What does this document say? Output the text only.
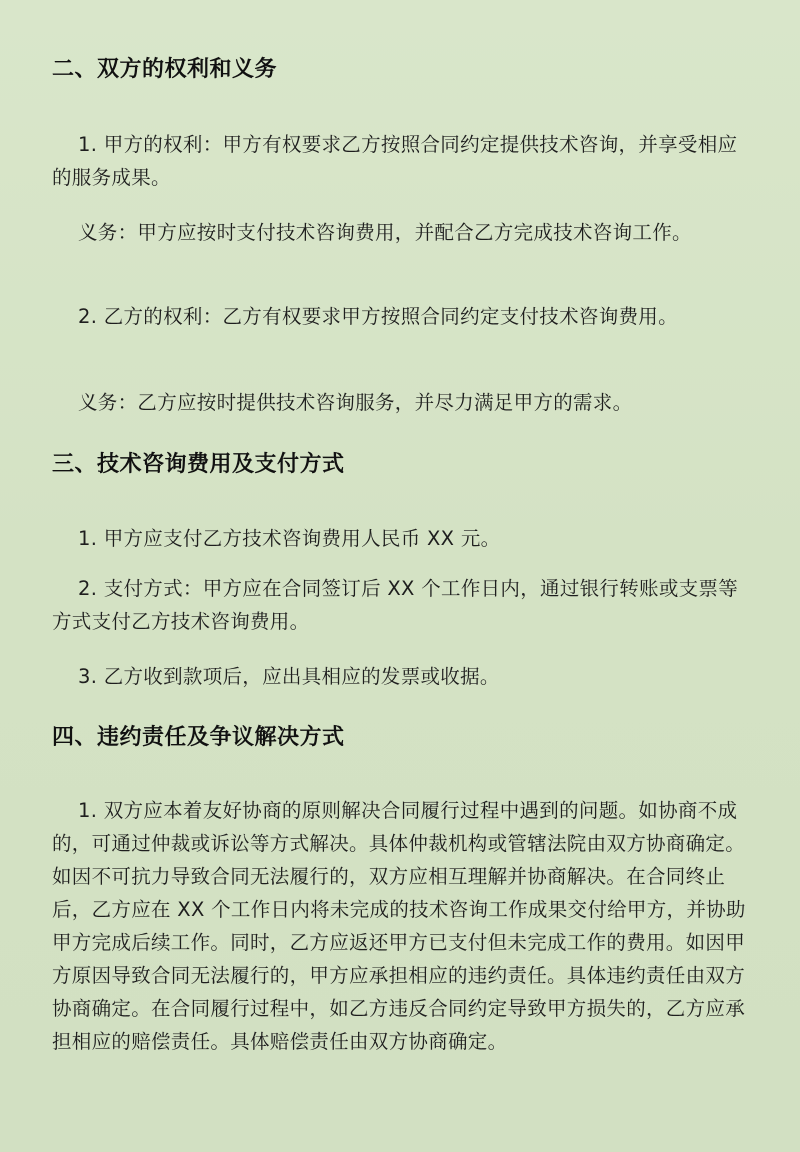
二、双方的权利和义务
1. 甲方的权利：甲方有权要求乙方按照合同约定提供技术咨询，并享受相应的服务成果。
义务：甲方应按时支付技术咨询费用，并配合乙方完成技术咨询工作。
2. 乙方的权利：乙方有权要求甲方按照合同约定支付技术咨询费用。
义务：乙方应按时提供技术咨询服务，并尽力满足甲方的需求。
三、技术咨询费用及支付方式
1. 甲方应支付乙方技术咨询费用人民币 XX 元。
2. 支付方式：甲方应在合同签订后 XX 个工作日内，通过银行转账或支票等方式支付乙方技术咨询费用。
3. 乙方收到款项后，应出具相应的发票或收据。
四、违约责任及争议解决方式
1. 双方应本着友好协商的原则解决合同履行过程中遇到的问题。如协商不成的，可通过仲裁或诉讼等方式解决。具体仲裁机构或管辖法院由双方协商确定。如因不可抗力导致合同无法履行的，双方应相互理解并协商解决。在合同终止后，乙方应在 XX 个工作日内将未完成的技术咨询工作成果交付给甲方，并协助甲方完成后续工作。同时，乙方应返还甲方已支付但未完成工作的费用。如因甲方原因导致合同无法履行的，甲方应承担相应的违约责任。具体违约责任由双方协商确定。在合同履行过程中，如乙方违反合同约定导致甲方损失的，乙方应承担相应的赔偿责任。具体赔偿责任由双方协商确定。
